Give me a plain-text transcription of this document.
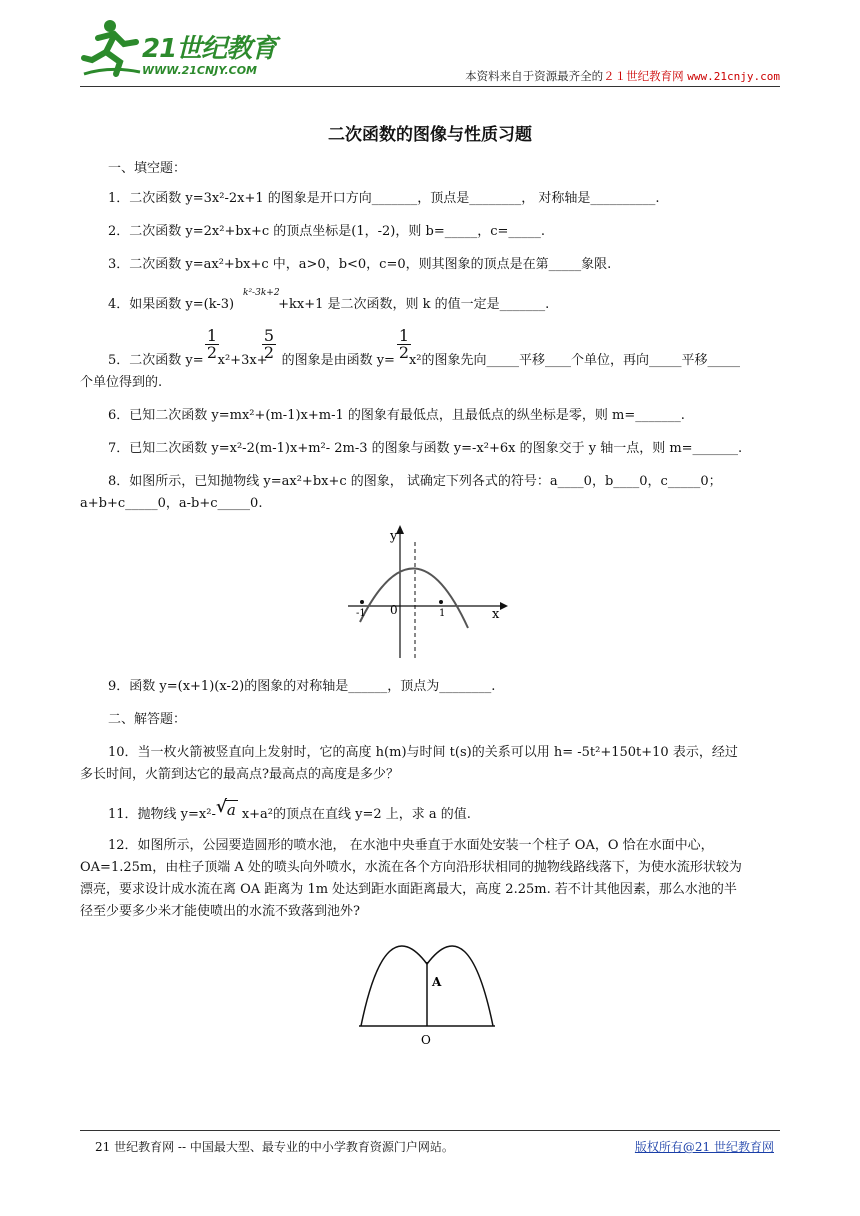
21世纪教育
WWW.21CNJY.COM	本资料来自于资源最齐全的２１世纪教育网 www.21cnjy.com
二次函数的图像与性质习题
一、填空题：
1．二次函数 y=3x²-2x+1 的图象是开口方向_______，顶点是________， 对称轴是__________.
2．二次函数 y=2x²+bx+c 的顶点坐标是(1，-2)，则 b=_____，c=_____.
3．二次函数 y=ax²+bx+c 中，a>0，b<0，c=0，则其图象的顶点是在第_____象限.
4．如果函数 y=(k-3)	+kx+1 是二次函数，则 k 的值一定是_______.
k²-3k+2
$\frac{1}{2}$	$\frac{5}{2}$	$\frac{1}{2}$
5．二次函数 y= x²+3x+ 的图象是由函数 y= x²的图象先向_____平移____个单位，再向_____平移_____
个单位得到的.
6．已知二次函数 y=mx²+(m-1)x+m-1 的图象有最低点，且最低点的纵坐标是零，则 m=_______.
7．已知二次函数 y=x²-2(m-1)x+m²- 2m-3 的图象与函数 y=-x²+6x 的图象交于 y 轴一点，则 m=_______.
8．如图所示，已知抛物线 y=ax²+bx+c 的图象， 试确定下列各式的符号：a____0，b____0，c_____0；
a+b+c_____0，a-b+c_____0.
y
x
0
-1	1
9．函数 y=(x+1)(x-2)的图象的对称轴是______，顶点为________.
二、解答题：
10．当一枚火箭被竖直向上发射时，它的高度 h(m)与时间 t(s)的关系可以用 h= -5t²+150t+10 表示，经过
多长时间，火箭到达它的最高点?最高点的高度是多少？
11．抛物线 y=x²- √ a x+a²的顶点在直线 y=2 上，求 a 的值.
12．如图所示，公园要造圆形的喷水池， 在水池中央垂直于水面处安装一个柱子 OA，O 恰在水面中心，
OA=1.25m，由柱子顶端 A 处的喷头向外喷水，水流在各个方向沿形状相同的抛物线路线落下，为使水流形状较为
漂亮，要求设计成水流在离 OA 距离为 1m 处达到距水面距离最大，高度 2.25m. 若不计其他因素，那么水池的半
径至少要多少米才能使喷出的水流不致落到池外?
A
O
21 世纪教育网 -- 中国最大型、最专业的中小学教育资源门户网站。	版权所有@21 世纪教育网
